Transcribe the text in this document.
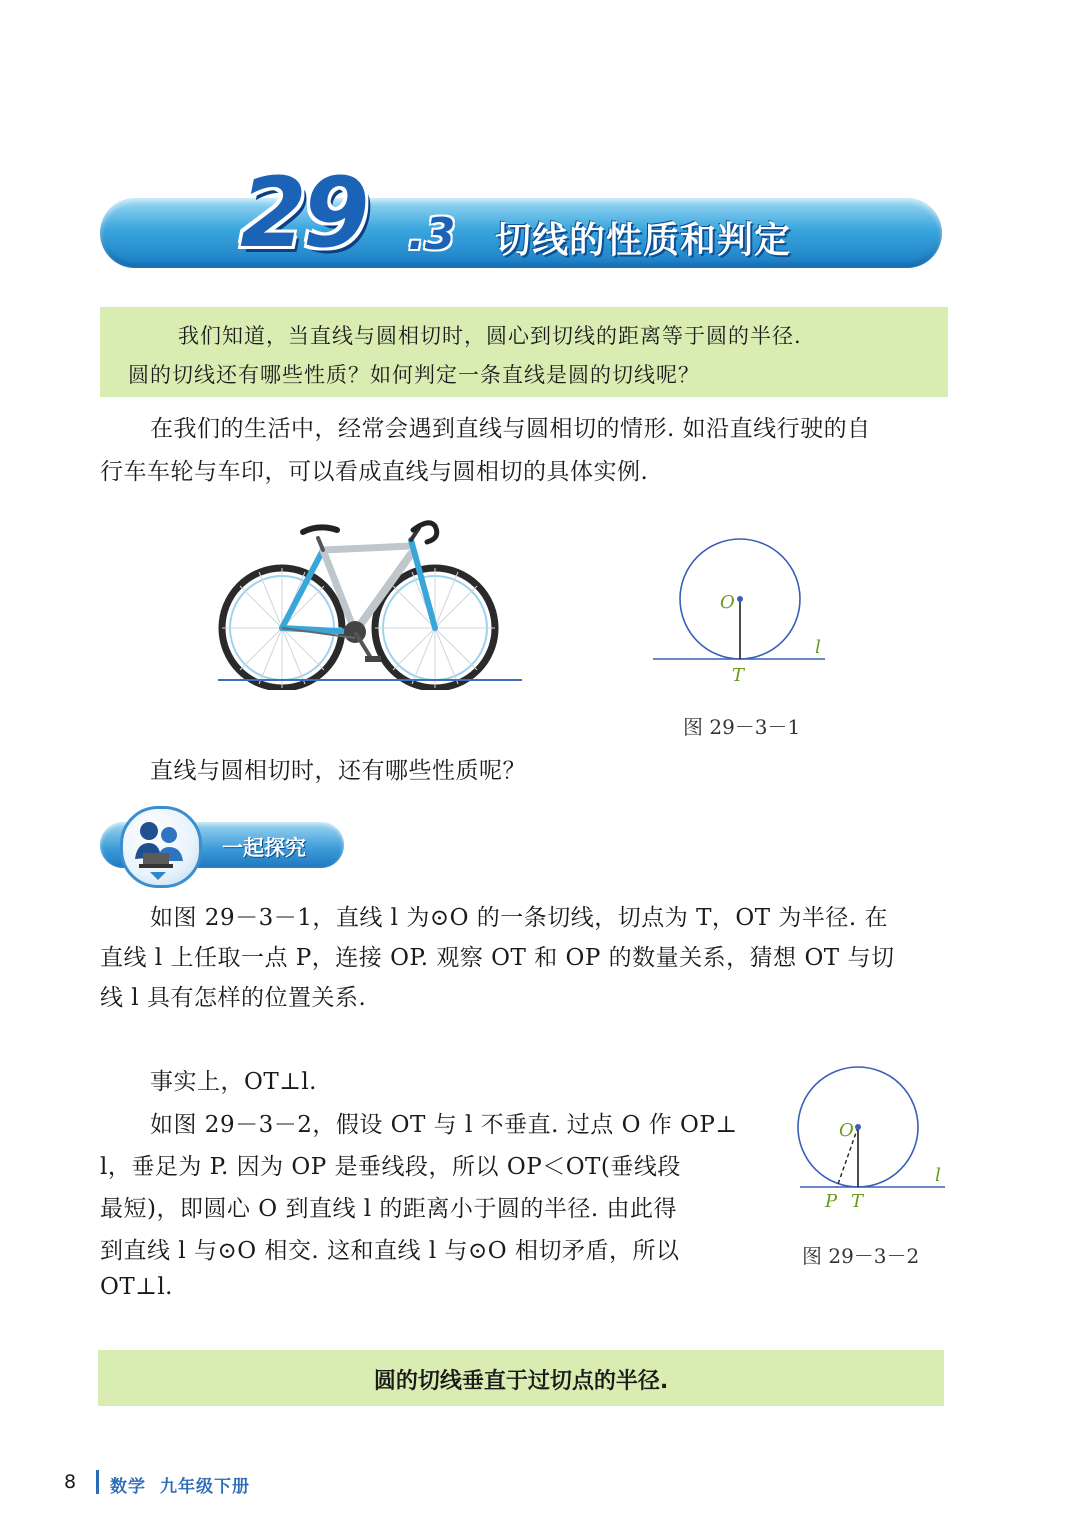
29 .3 切线的性质和判定
我们知道，当直线与圆相切时，圆心到切线的距离等于圆的半径.
圆的切线还有哪些性质？如何判定一条直线是圆的切线呢？
在我们的生活中，经常会遇到直线与圆相切的情形. 如沿直线行驶的自
行车车轮与车印，可以看成直线与圆相切的具体实例.
O
T
l
图 29－3－1
直线与圆相切时，还有哪些性质呢？
一起探究
如图 29－3－1，直线 l 为⊙O 的一条切线，切点为 T，OT 为半径. 在
直线 l 上任取一点 P，连接 OP. 观察 OT 和 OP 的数量关系，猜想 OT 与切
线 l 具有怎样的位置关系.
事实上，OT⊥l.
如图 29－3－2，假设 OT 与 l 不垂直. 过点 O 作 OP⊥
l，垂足为 P. 因为 OP 是垂线段，所以 OP＜OT(垂线段
最短)，即圆心 O 到直线 l 的距离小于圆的半径. 由此得
到直线 l 与⊙O 相交. 这和直线 l 与⊙O 相切矛盾，所以
OT⊥l.
O
P T
l
图 29－3－2
圆的切线垂直于过切点的半径.
8 数学 九年级下册
